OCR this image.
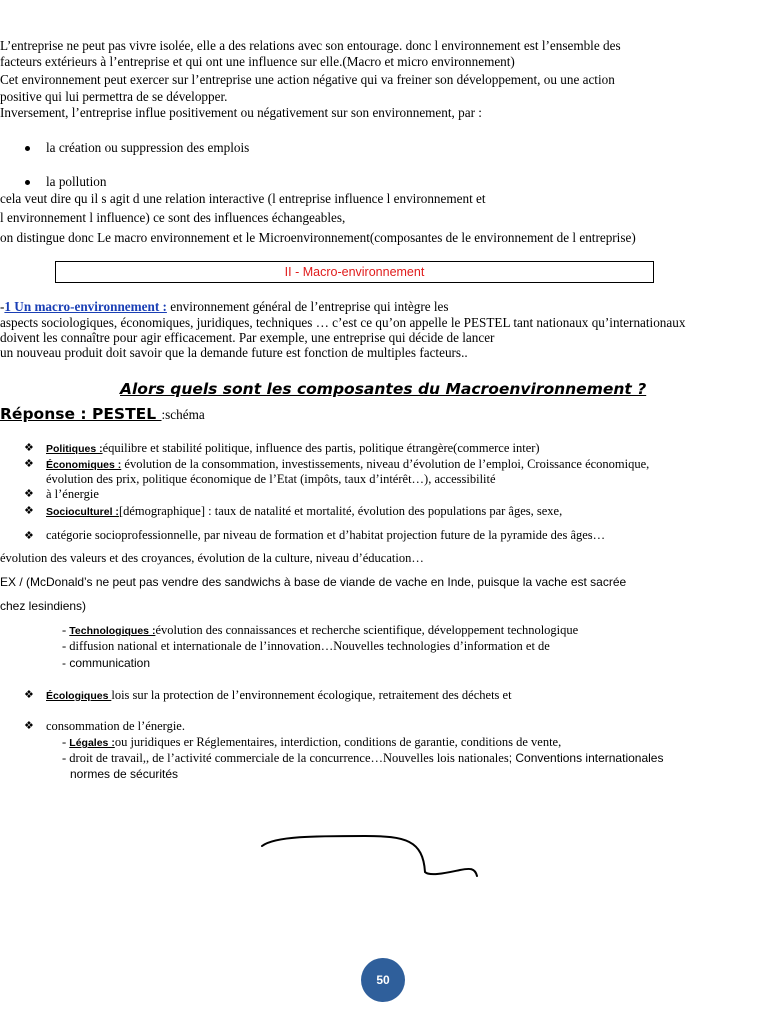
L’entreprise ne peut pas vivre isolée, elle a des relations avec son entourage. donc l environnement est l’ensemble des
facteurs extérieurs à l’entreprise et qui ont une influence sur elle.(Macro et micro environnement)
Cet environnement peut exercer sur l’entreprise une action négative qui va freiner son développement, ou une action
positive qui lui permettra de se développer.
Inversement, l’entreprise influe positivement ou négativement sur son environnement, par :
la création ou suppression des emplois
la pollution
cela veut dire qu il s agit d une relation interactive (l entreprise influence l environnement et
l environnement l influence) ce sont des influences échangeables,
on distingue donc Le macro environnement et le Microenvironnement(composantes de le environnement de l entreprise)
II - Macro-environnement
-1 Un macro-environnement : environnement général de l’entreprise qui intègre les
aspects sociologiques, économiques, juridiques, techniques … c’est ce qu’on appelle le PESTEL tant nationaux qu’internationaux
doivent les connaître pour agir efficacement. Par exemple, une entreprise qui décide de lancer
un nouveau produit doit savoir que la demande future est fonction de multiples facteurs..
Alors quels sont les composantes du Macroenvironnement ?
Réponse : PESTEL :schéma
❖ Politiques :équilibre et stabilité politique, influence des partis, politique étrangère(commerce inter)
❖ Économiques : évolution de la consommation, investissements, niveau d’évolution de l’emploi, Croissance économique,
évolution des prix, politique économique de l’Etat (impôts, taux d’intérêt…), accessibilité
❖ à l’énergie
❖ Socioculturel :[démographique] : taux de natalité et mortalité, évolution des populations par âges, sexe,
❖ catégorie socioprofessionnelle, par niveau de formation et d’habitat projection future de la pyramide des âges…
évolution des valeurs et des croyances, évolution de la culture, niveau d’éducation…
EX / (McDonald’s ne peut pas vendre des sandwichs à base de viande de vache en Inde, puisque la vache est sacrée
chez lesindiens)
- Technologiques :évolution des connaissances et recherche scientifique, développement technologique
- diffusion national et internationale de l’innovation…Nouvelles technologies d’information et de
- communication
❖ Écologiques lois sur la protection de l’environnement écologique, retraitement des déchets et
❖ consommation de l’énergie.
- Légales :ou juridiques er Réglementaires, interdiction, conditions de garantie, conditions de vente,
- droit de travail,, de l’activité commerciale de la concurrence…Nouvelles lois nationales; Conventions internationales
normes de sécurités
50
